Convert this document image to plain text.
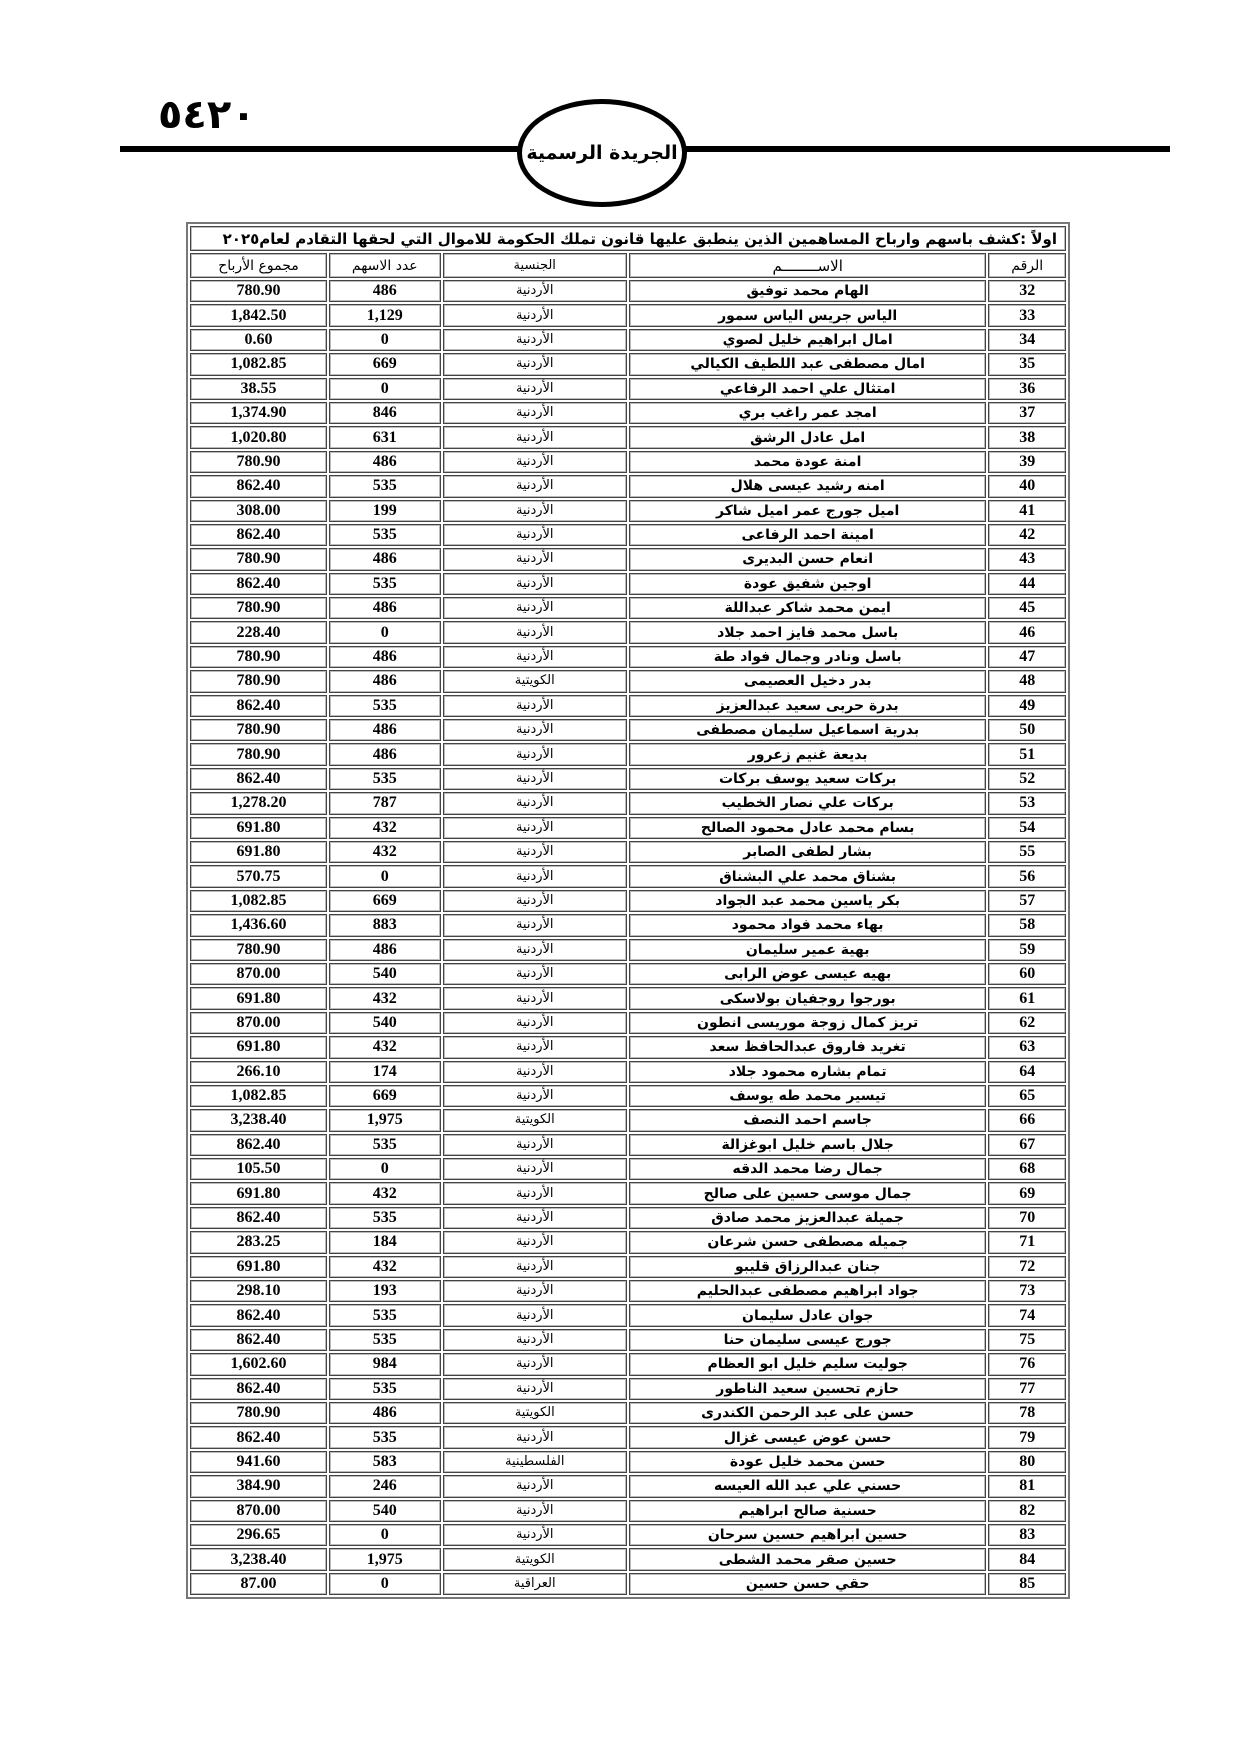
٥٤٢٠
الجريدة الرسمية
اولاً :كشف باسهم وارباح المساهمين الذين ينطبق عليها قانون تملك الحكومة للاموال التي لحقها التقادم لعام٢٠٢٥				
الرقم	الاســــــــم	الجنسية	عدد الاسهم	مجموع الأرباح
32	الهام محمد توفيق	الأردنية	486	780.90
33	الياس جريس الياس سمور	الأردنية	1,129	1,842.50
34	امال ابراهيم خليل لصوي	الأردنية	0	0.60
35	امال مصطفى عبد اللطيف الكيالي	الأردنية	669	1,082.85
36	امتثال علي احمد الرفاعي	الأردنية	0	38.55
37	امجد عمر راغب بري	الأردنية	846	1,374.90
38	امل عادل الرشق	الأردنية	631	1,020.80
39	امنة عودة محمد	الأردنية	486	780.90
40	امنه رشيد عيسى هلال	الأردنية	535	862.40
41	اميل جورج عمر اميل شاكر	الأردنية	199	308.00
42	امينة احمد الرفاعى	الأردنية	535	862.40
43	انعام حسن البديرى	الأردنية	486	780.90
44	اوجين شفيق عودة	الأردنية	535	862.40
45	ايمن محمد شاكر عبداللة	الأردنية	486	780.90
46	باسل محمد فايز احمد جلاد	الأردنية	0	228.40
47	باسل ونادر وجمال فواد طة	الأردنية	486	780.90
48	بدر دخيل العصيمى	الكويتية	486	780.90
49	بدرة حربى سعيد عبدالعزيز	الأردنية	535	862.40
50	بدرية اسماعيل سليمان مصطفى	الأردنية	486	780.90
51	بديعة غنيم زعرور	الأردنية	486	780.90
52	بركات سعيد يوسف بركات	الأردنية	535	862.40
53	بركات علي نصار الخطيب	الأردنية	787	1,278.20
54	بسام محمد عادل محمود الصالح	الأردنية	432	691.80
55	بشار لطفى الصابر	الأردنية	432	691.80
56	بشناق محمد علي البشناق	الأردنية	0	570.75
57	بكر ياسين محمد عبد الجواد	الأردنية	669	1,082.85
58	بهاء محمد فواد محمود	الأردنية	883	1,436.60
59	بهية عمير سليمان	الأردنية	486	780.90
60	بهيه عيسى عوض الرابى	الأردنية	540	870.00
61	بورجوا روجفيان بولاسكى	الأردنية	432	691.80
62	تريز كمال زوجة موريسى انطون	الأردنية	540	870.00
63	تغريد فاروق عبدالحافظ سعد	الأردنية	432	691.80
64	تمام بشاره محمود جلاد	الأردنية	174	266.10
65	تيسير محمد طه يوسف	الأردنية	669	1,082.85
66	جاسم احمد النصف	الكويتية	1,975	3,238.40
67	جلال باسم خليل ابوغزالة	الأردنية	535	862.40
68	جمال رضا محمد الدقه	الأردنية	0	105.50
69	جمال موسى حسين على صالح	الأردنية	432	691.80
70	جميلة عبدالعزيز محمد صادق	الأردنية	535	862.40
71	جميله مصطفى حسن شرعان	الأردنية	184	283.25
72	جنان عبدالرزاق قليبو	الأردنية	432	691.80
73	جواد ابراهيم مصطفى عبدالحليم	الأردنية	193	298.10
74	جوان عادل سليمان	الأردنية	535	862.40
75	جورج عيسى سليمان حنا	الأردنية	535	862.40
76	جوليت سليم خليل ابو العظام	الأردنية	984	1,602.60
77	حازم تحسين سعيد الناطور	الأردنية	535	862.40
78	حسن على عبد الرحمن الكندرى	الكويتية	486	780.90
79	حسن عوض عيسى غزال	الأردنية	535	862.40
80	حسن محمد خليل عودة	الفلسطينية	583	941.60
81	حسني علي عبد الله العيسه	الأردنية	246	384.90
82	حسنية صالح ابراهيم	الأردنية	540	870.00
83	حسين ابراهيم حسين سرحان	الأردنية	0	296.65
84	حسين صقر محمد الشطى	الكويتية	1,975	3,238.40
85	حقي حسن حسين	العراقية	0	87.00
